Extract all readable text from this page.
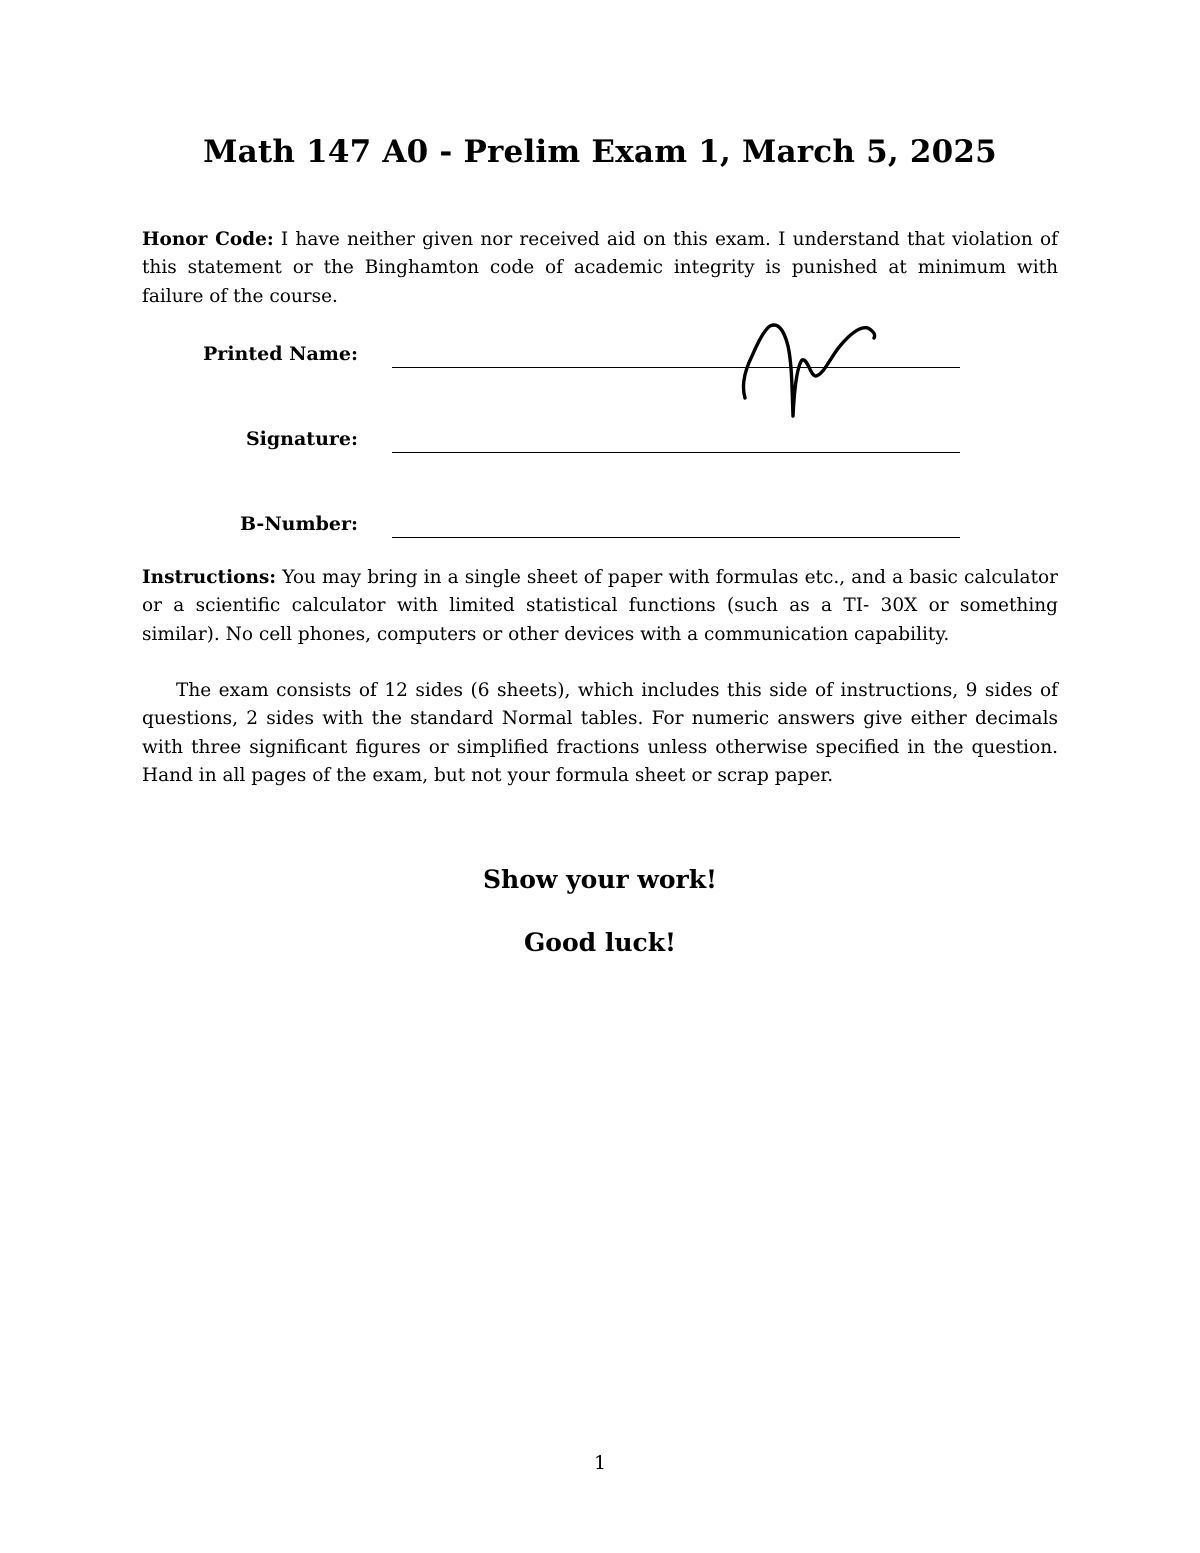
Math 147 A0 - Prelim Exam 1, March 5, 2025

Honor Code: I have neither given nor received aid on this exam. I understand that violation of this statement or the Binghamton code of academic integrity is punished at minimum with failure of the course.

Printed Name:
Signature:
B-Number:

Instructions: You may bring in a single sheet of paper with formulas etc., and a basic calculator or a scientific calculator with limited statistical functions (such as a TI- 30X or something similar). No cell phones, computers or other devices with a communication capability.

The exam consists of 12 sides (6 sheets), which includes this side of instructions, 9 sides of questions, 2 sides with the standard Normal tables. For numeric answers give either decimals with three significant figures or simplified fractions unless otherwise specified in the question. Hand in all pages of the exam, but not your formula sheet or scrap paper.

Show your work!

Good luck!

1
